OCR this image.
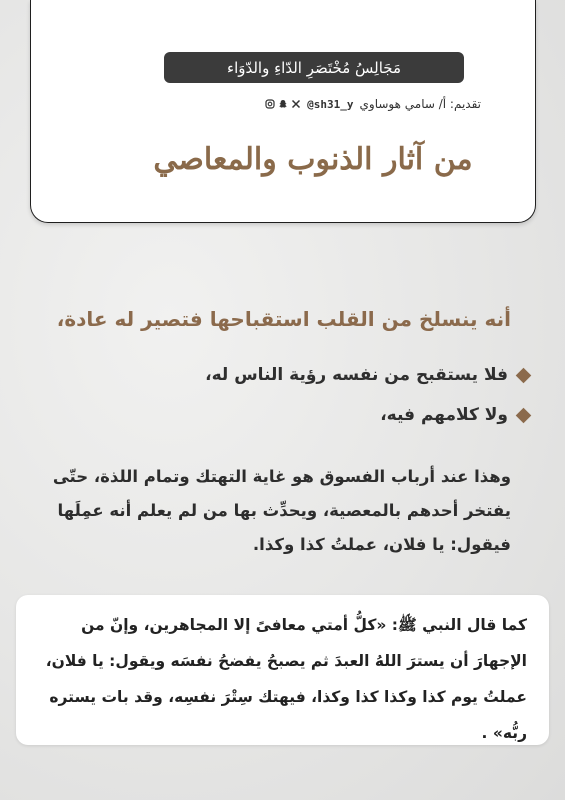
مَجَالِسُ مُخْتَصَرِ الدّاءِ والدّوَاء
تقديم: أ/ سامي هوساوي
@sh31_y
من آثار الذنوب والمعاصي
أنه ينسلخ من القلب استقباحها فتصير له عادة،
فلا يستقبح من نفسه رؤية الناس له،
ولا كلامهم فيه،
وهذا عند أرباب الفسوق هو غاية التهتك وتمام اللذة، حتّى يفتخر أحدهم بالمعصية، ويحدِّث بها من لم يعلم أنه عمِلَها فيقول: يا فلان، عملتُ كذا وكذا.
كما قال النبي ﷺ: «كلُّ أمتي معافىً إلا المجاهرين، وإنّ من الإجهارَ أن يسترَ اللهُ العبدَ ثم يصبحُ يفضحُ نفسَه ويقول: يا فلان، عملتُ يوم كذا وكذا كذا وكذا، فيهتك سِتْرَ نفسِه، وقد بات يستره ربُّه» .
